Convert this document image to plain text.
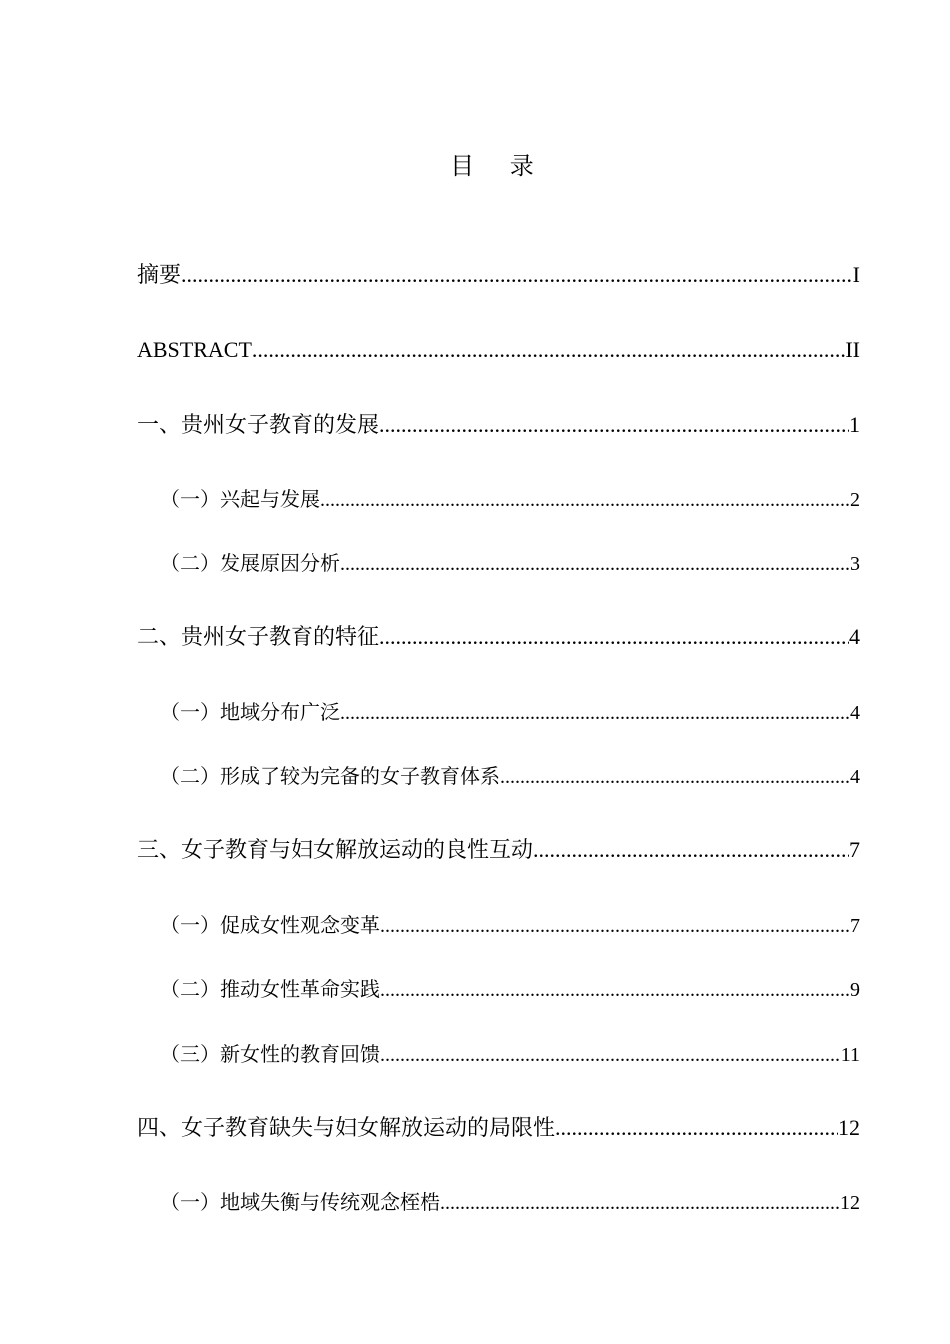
目 录
摘要 .....	I
ABSTRACT .....	II
一、贵州女子教育的发展 .....	1
（一）兴起与发展 .....	2
（二）发展原因分析 .....	3
二、贵州女子教育的特征 .....	4
（一）地域分布广泛 .....	4
（二）形成了较为完备的女子教育体系 .....	4
三、女子教育与妇女解放运动的良性互动 .....	7
（一）促成女性观念变革 .....	7
（二）推动女性革命实践 .....	9
（三）新女性的教育回馈 .....	11
四、女子教育缺失与妇女解放运动的局限性 .....	12
（一）地域失衡与传统观念桎梏 .....	12
